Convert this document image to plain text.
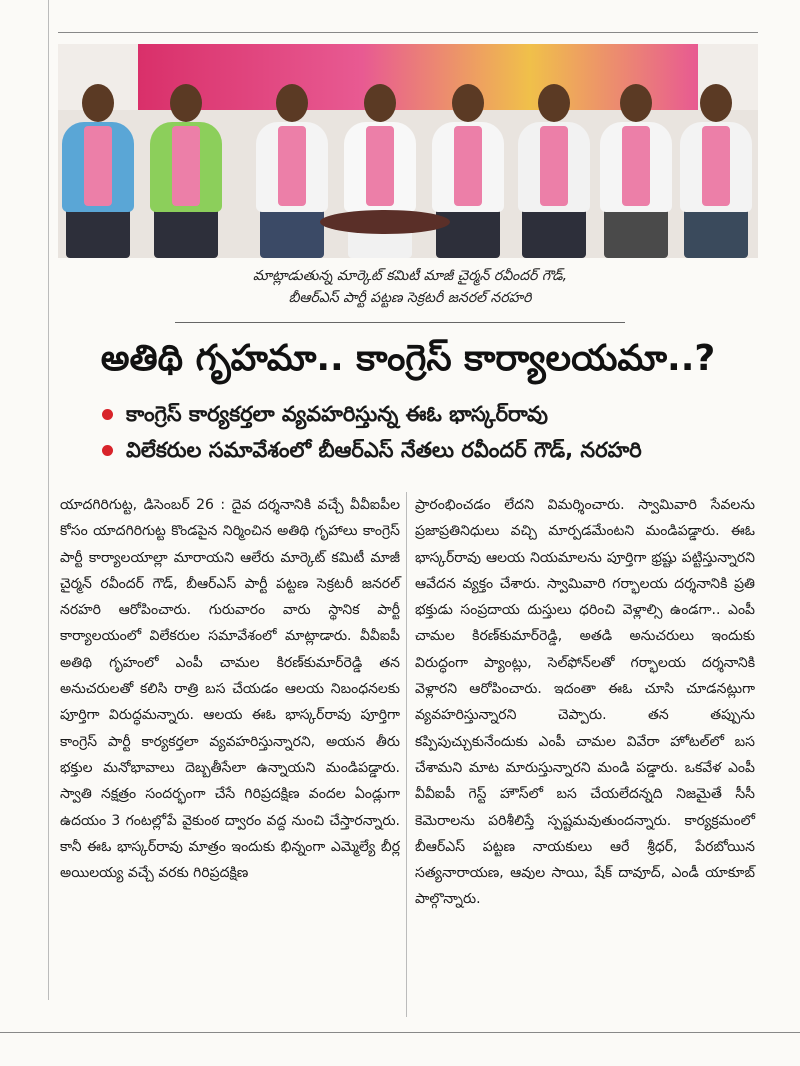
మాట్లాడుతున్న మార్కెట్ కమిటీ మాజీ చైర్మన్ రవీందర్ గౌడ్,
బీఆర్ఎస్ పార్టీ పట్టణ సెక్రటరీ జనరల్ నరహరి
అతిథి గృహమా.. కాంగ్రెస్ కార్యాలయమా..?
కాంగ్రెస్ కార్యకర్తలా వ్యవహరిస్తున్న ఈఓ భాస్కర్‌రావు
విలేకరుల సమావేశంలో బీఆర్ఎస్ నేతలు రవీందర్ గౌడ్, నరహరి
యాదగిరిగుట్ట, డిసెంబర్ 26 : దైవ దర్శనానికి వచ్చే వీవీఐపీల కోసం యాదగిరిగుట్ట కొండపైన నిర్మించిన అతిథి గృహాలు కాంగ్రెస్ పార్టీ కార్యాలయాల్లా మారాయని ఆలేరు మార్కెట్ కమిటీ మాజీ చైర్మన్ రవీందర్ గౌడ్, బీఆర్ఎస్ పార్టీ పట్టణ సెక్రటరీ జనరల్ నరహరి ఆరోపించారు. గురువారం వారు స్థానిక పార్టీ కార్యాలయంలో విలేకరుల సమావేశంలో మాట్లాడారు. వీవీఐపీ అతిథి గృహంలో ఎంపీ చామల కిరణ్‌కుమార్‌రెడ్డి తన అనుచరులతో కలిసి రాత్రి బస చేయడం ఆలయ నిబంధనలకు పూర్తిగా విరుద్ధమన్నారు. ఆలయ ఈఓ భాస్కర్‌రావు పూర్తిగా కాంగ్రెస్ పార్టీ కార్యకర్తలా వ్యవహరిస్తున్నారని, అయన తీరు భక్తుల మనోభావాలు దెబ్బతీసేలా ఉన్నాయని మండిపడ్డారు. స్వాతి నక్షత్రం సందర్భంగా చేసే గిరిప్రదక్షిణ వందల ఏండ్లుగా ఉదయం 3 గంటల్లోపే వైకుంఠ ద్వారం వద్ద నుంచి చేస్తారన్నారు. కానీ ఈఓ భాస్కర్‌రావు మాత్రం ఇందుకు భిన్నంగా ఎమ్మెల్యే బీర్ల అయిలయ్య వచ్చే వరకు గిరిప్రదక్షిణ
ప్రారంభించడం లేదని విమర్శించారు. స్వామివారి సేవలను ప్రజాప్రతినిధులు వచ్చి మార్పడమేంటని మండిపడ్డారు. ఈఓ భాస్కర్‌రావు ఆలయ నియమాలను పూర్తిగా భ్రష్టు పట్టిస్తున్నారని ఆవేదన వ్యక్తం చేశారు. స్వామివారి గర్భాలయ దర్శనానికి ప్రతి భక్తుడు సంప్రదాయ దుస్తులు ధరించి వెళ్లాల్సి ఉండగా.. ఎంపీ చామల కిరణ్‌కుమార్‌రెడ్డి, అతడి అనుచరులు ఇందుకు విరుద్ధంగా ప్యాంట్లు, సెల్‌ఫోన్‌లతో గర్భాలయ దర్శనానికి వెళ్లారని ఆరోపించారు. ఇదంతా ఈఓ చూసి చూడనట్లుగా వ్యవహరిస్తున్నారని చెప్పారు. తన తప్పును కప్పిపుచ్చుకునేందుకు ఎంపీ చామల వివేరా హోటల్‌లో బస చేశామని మాట మారుస్తున్నారని మండి పడ్డారు. ఒకవేళ ఎంపీ వీవీఐపీ గెస్ట్ హౌస్‌లో బస చేయలేదన్నది నిజమైతే సీసీ కెమెరాలను పరిశీలిస్తే స్పష్టమవుతుందన్నారు. కార్యక్రమంలో బీఆర్ఎస్ పట్టణ నాయకులు ఆరే శ్రీధర్, పేరబోయిన సత్యనారాయణ, ఆవుల సాయి, షేక్ దావూద్, ఎండీ యాకూబ్ పాల్గొన్నారు.
